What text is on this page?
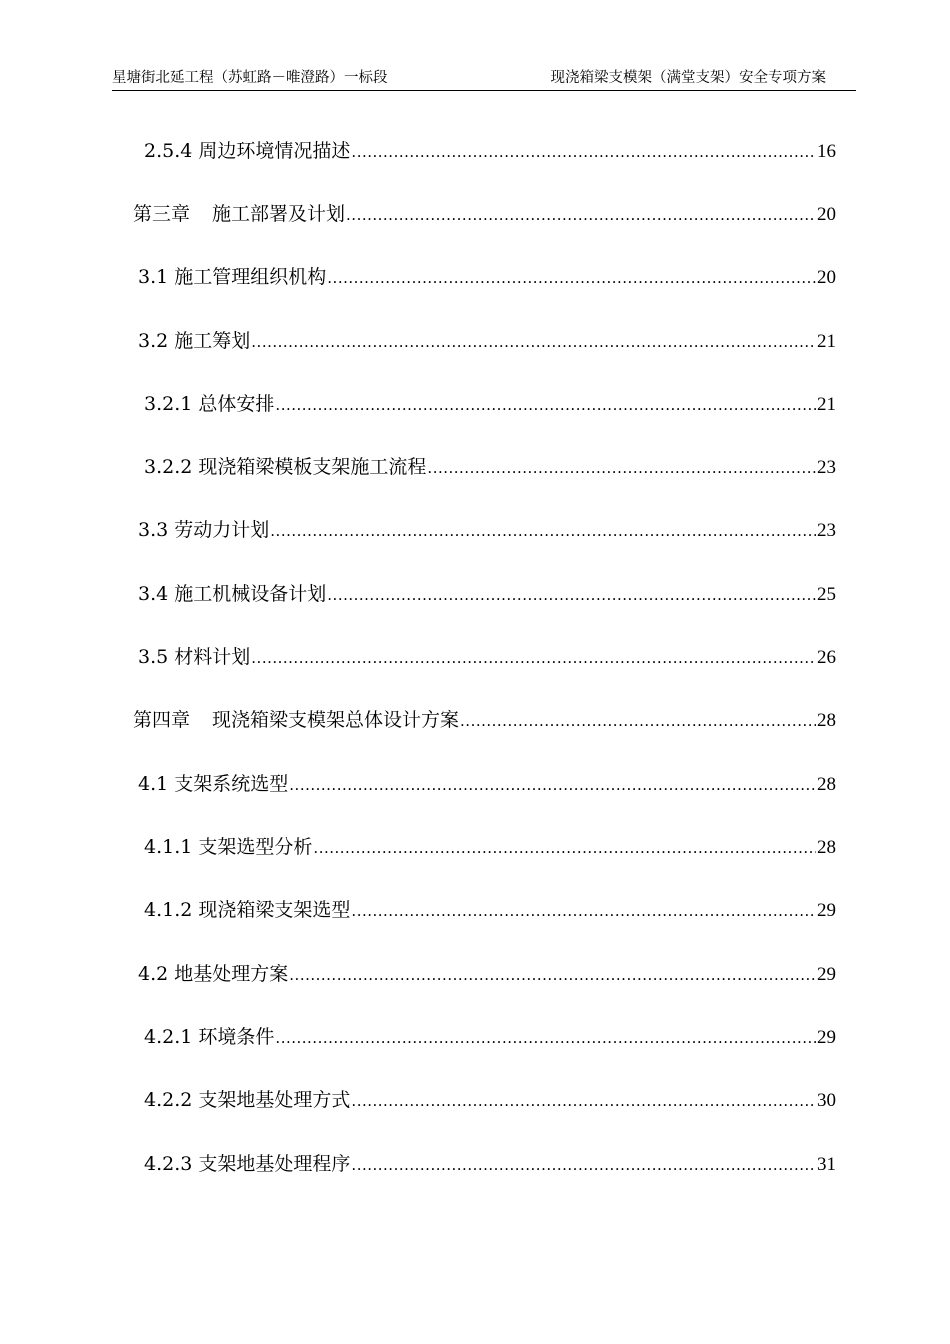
星塘街北延工程（苏虹路－唯澄路）一标段	现浇箱梁支模架（满堂支架）安全专项方案
2.5.4 周边环境情况描述 .....	16
第三章 施工部署及计划 .....	20
3.1 施工管理组织机构 .....	20
3.2 施工筹划 .....	21
3.2.1 总体安排 .....	21
3.2.2 现浇箱梁模板支架施工流程 .....	23
3.3 劳动力计划 .....	23
3.4 施工机械设备计划 .....	25
3.5 材料计划 .....	26
第四章 现浇箱梁支模架总体设计方案 .....	28
4.1 支架系统选型 .....	28
4.1.1 支架选型分析 .....	28
4.1.2 现浇箱梁支架选型 .....	29
4.2 地基处理方案 .....	29
4.2.1 环境条件 .....	29
4.2.2 支架地基处理方式 .....	30
4.2.3 支架地基处理程序 .....	31
